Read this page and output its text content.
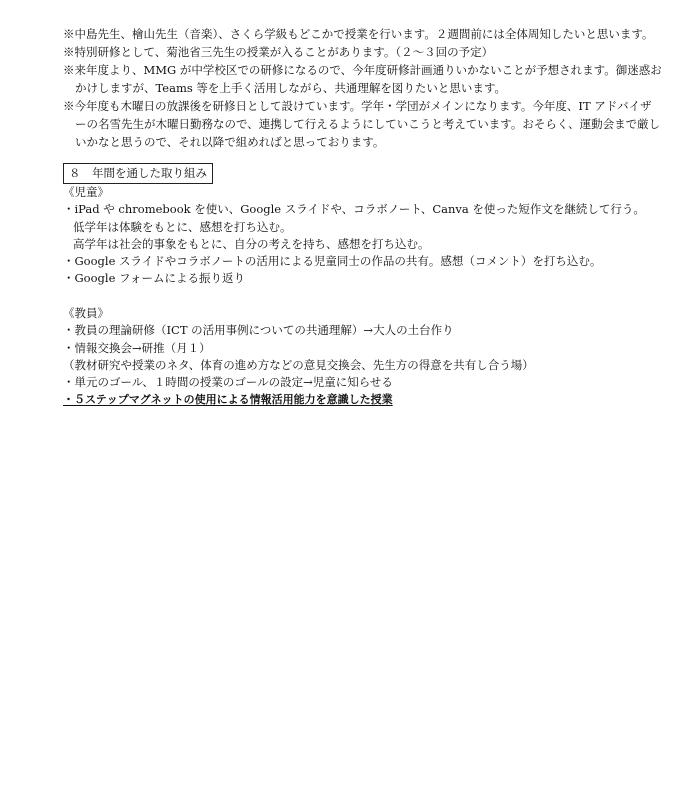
※中島先生、檜山先生（音楽）、さくら学級もどこかで授業を行います。２週間前には全体周知したいと思います。
※特別研修として、菊池省三先生の授業が入ることがあります。（２～３回の予定）
※来年度より、MMG が中学校区での研修になるので、今年度研修計画通りいかないことが予想されます。御迷惑おかけしますが、Teams 等を上手く活用しながら、共通理解を図りたいと思います。
※今年度も木曜日の放課後を研修日として設けています。学年・学団がメインになります。今年度、IT アドバイザーの名雪先生が木曜日勤務なので、連携して行えるようにしていこうと考えています。おそらく、運動会まで厳しいかなと思うので、それ以降で組めればと思っております。
８　年間を通した取り組み
《児童》
・iPad や chromebook を使い、Google スライドや、コラボノート、Canva を使った短作文を継続して行う。
低学年は体験をもとに、感想を打ち込む。
高学年は社会的事象をもとに、自分の考えを持ち、感想を打ち込む。
・Google スライドやコラボノートの活用による児童同士の作品の共有。感想（コメント）を打ち込む。
・Google フォームによる振り返り
《教員》
・教員の理論研修（ICT の活用事例についての共通理解）→大人の土台作り
・情報交換会→研推（月１）
（教材研究や授業のネタ、体育の進め方などの意見交換会、先生方の得意を共有し合う場）
・単元のゴール、１時間の授業のゴールの設定→児童に知らせる
・５ステップマグネットの使用による情報活用能力を意識した授業
